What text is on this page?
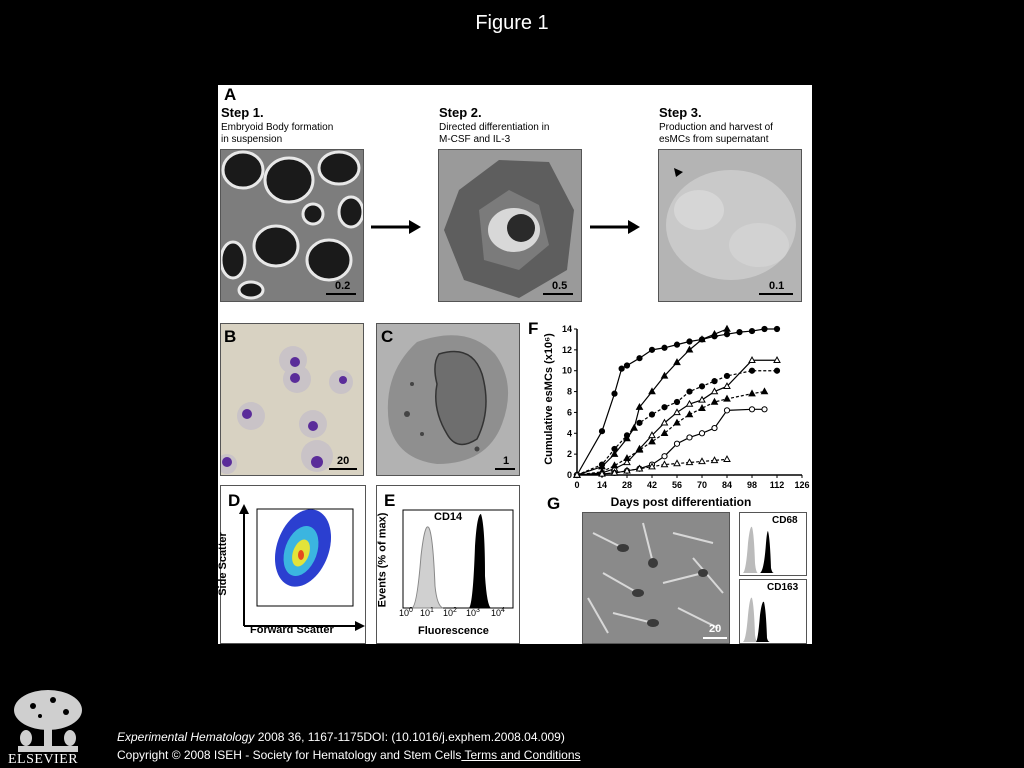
Figure 1
A
Step 1.
Embryoid Body formation
in suspension
Step 2.
Directed differentiation in
M-CSF and IL-3
Step 3.
Production and harvest of
esMCs from supernatant
0.2	0.5	0.1
B
20
C
1
F
0 14 28 42 56 70 84 98 112 126
0
2
4
6
8
10
12
14
Days post differentiation
Cumulative esMCs (x10⁶)
D
Forward Scatter
Side Scatter
E
CD14
$10^0$ $10^1$ $10^2$ $10^3$ $10^4$
Fluorescence
Events (% of max)
G
20
CD68
CD163
ELSEVIER
Experimental Hematology 2008 36, 1167-1175DOI: (10.1016/j.exphem.2008.04.009)
Copyright © 2008 ISEH - Society for Hematology and Stem Cells Terms and Conditions
